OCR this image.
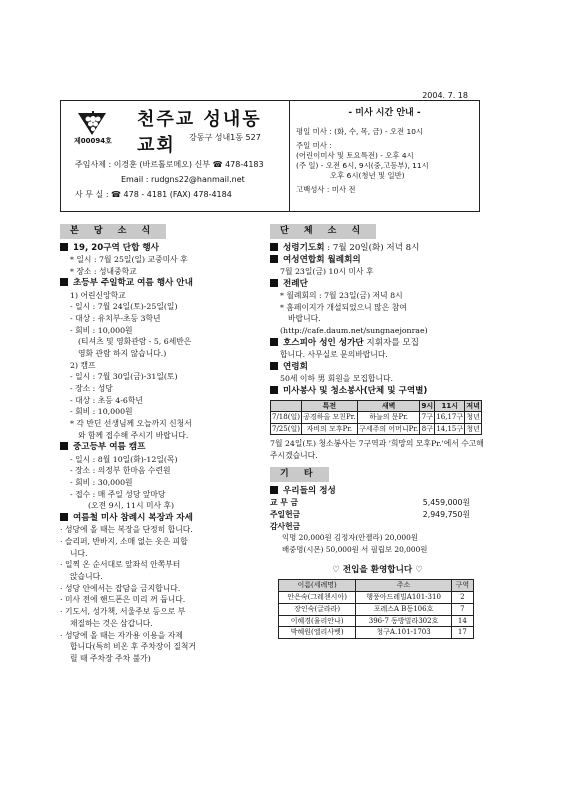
2004. 7. 18
제00094호
천주교 성내동 교회	강동구 성내1동 527
주임사제 : 이경훈 (바르톨로메오) 신부 ☎ 478-4183
Email : rudgns22@hanmail.net
사 무 실 : ☎ 478 - 4181 (FAX) 478-4184
- 미사 시간 안내 -
평일 미사 : (화, 수, 목, 금) - 오전 10시
주일 미사 :
(어린이미사 및 토요특전) - 오후 4시
(주 일) - 오전 6시, 9시(중,고등부), 11시
오후 6시(청년 및 일반)
고백성사 : 미사 전
본 당 소 식
19, 20구역 단합 행사
* 일시 : 7월 25일(일) 교중미사 후
* 장소 : 성내중학교
초등부 주일학교 여름 행사 안내
1) 어린신앙학교
- 일시 : 7월 24일(토)-25일(일)
- 대상 : 유치부-초등 3학년
- 회비 : 10,000원
(티셔츠 및 영화관람 - 5, 6세반은
영화 관람 하지 않습니다.)
2) 캠프
- 일시 : 7월 30일(금)-31일(토)
- 장소 : 성당
- 대상 : 초등 4-6학년
- 회비 : 10,000원
* 각 반딘 선생님께 오늘까지 신청서
와 함께 접수해 주시기 바랍니다.
중고등부 여름 캠프
- 일시 : 8월 10일(화)-12일(목)
- 장소 : 의정부 한마음 수련원
- 회비 : 30,000원
- 접수 : 매 주일 성당 앞마당
(오전 9시, 11시 미사 후)
여름철 미사 참례시 복장과 자세
· 성당에 올 때는 복장을 단정히 합니다.
· 슬리퍼, 반바지, 소매 없는 옷은 피합
니다.
· 일찍 온 순서대로 앞좌석 안쪽부터
앉습니다.
· 성당 안에서는 잡담을 금지합니다.
· 미사 전에 핸드폰은 미리 꺼 둡니다.
· 기도서, 성가책, 서울주보 등으로 부
채질하는 것은 삼갑니다.
· 성당에 올 때는 자가용 이용을 자제
합니다(특히 비온 후 주차장이 질척거
릴 때 주차장 주차 불가)
단 체 소 식
성령기도회 : 7월 20일(화) 저녁 8시
여성연합회 월례회의
7월 23일(금) 10시 미사 후
전례단
* 월례회의 : 7월 23일(금) 저녁 8시
* 홈페이지가 개설되었으니 많은 참여
바랍니다.
(http://cafe.daum.net/sungnaejonrae)
호스피아 성인 성가단 지휘자를 모집
합니다. 사무실로 문의바랍니다.
연령회
50세 이하 男 회원을 모집합니다.
미사봉사 및 청소봉사(단체 및 구역별)
	특전	새벽	9시	11시	저녁
7/18(일)	공경하올 모친Pr.	하늘의 문Pr.	7구	16,17구	청년
7/25(일)	자비의 모후Pr.	구세주의 어머니Pr.	8구	14,15구	청년
7월 24일(토) 청소봉사는 7구역과 '희망의 모후Pr.'에서 수고해 주시겠습니다.
기 타
우리들의 정성
교 무 금	5,459,000원
주일헌금	2,949,750원
감사헌금
익명 20,000원 김정자(안젤라) 20,000원
배중명(시몬) 50,000원 서 필립보 20,000원
♡ 전입을 환영합니다 ♡
이름(세례명)	주소	구역
안은숙(그레첸시아)	행풍아드레빌A101-310	2
장인숙(글라라)	포레스A B동106호	7
이혜경(율리안나)	396-7 동방빌라302호	14
박혜원(엘리사벳)	청구A.101-1703	17
